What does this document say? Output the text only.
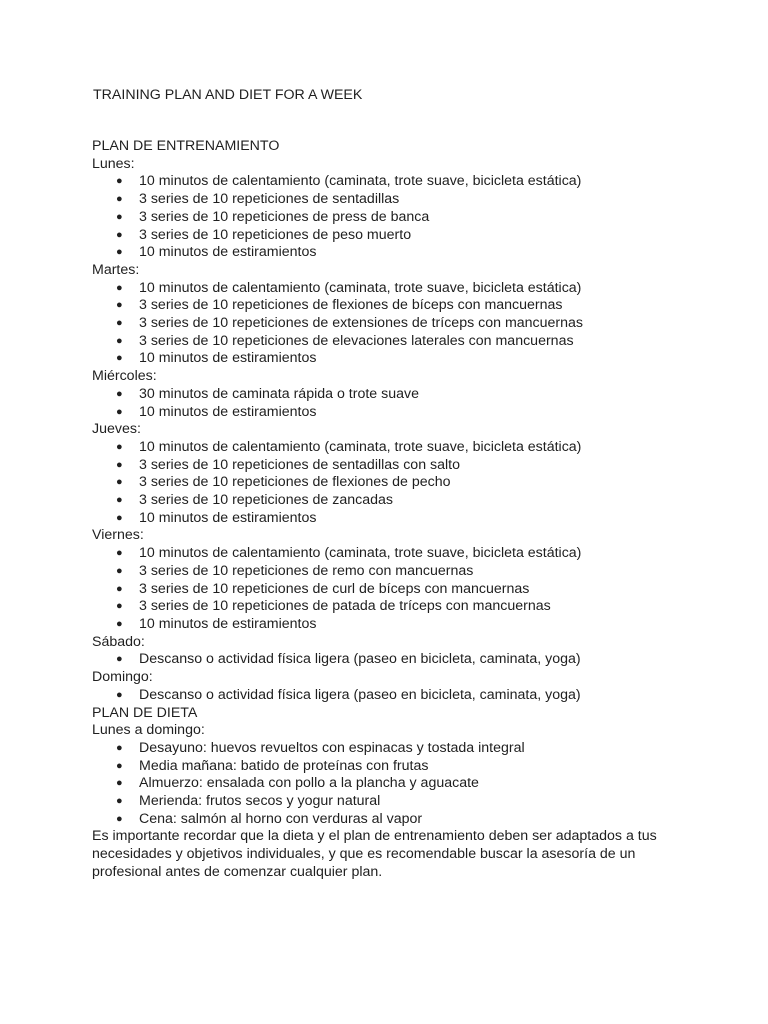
TRAINING PLAN AND DIET FOR A WEEK
PLAN DE ENTRENAMIENTO

Lunes:

● 10 minutos de calentamiento (caminata, trote suave, bicicleta estática)
● 3 series de 10 repeticiones de sentadillas
● 3 series de 10 repeticiones de press de banca
● 3 series de 10 repeticiones de peso muerto
● 10 minutos de estiramientos

Martes:

● 10 minutos de calentamiento (caminata, trote suave, bicicleta estática)
● 3 series de 10 repeticiones de flexiones de bíceps con mancuernas
● 3 series de 10 repeticiones de extensiones de tríceps con mancuernas
● 3 series de 10 repeticiones de elevaciones laterales con mancuernas
● 10 minutos de estiramientos

Miércoles:

● 30 minutos de caminata rápida o trote suave
● 10 minutos de estiramientos

Jueves:

● 10 minutos de calentamiento (caminata, trote suave, bicicleta estática)
● 3 series de 10 repeticiones de sentadillas con salto
● 3 series de 10 repeticiones de flexiones de pecho
● 3 series de 10 repeticiones de zancadas
● 10 minutos de estiramientos

Viernes:

● 10 minutos de calentamiento (caminata, trote suave, bicicleta estática)
● 3 series de 10 repeticiones de remo con mancuernas
● 3 series de 10 repeticiones de curl de bíceps con mancuernas
● 3 series de 10 repeticiones de patada de tríceps con mancuernas
● 10 minutos de estiramientos

Sábado:

● Descanso o actividad física ligera (paseo en bicicleta, caminata, yoga)

Domingo:

● Descanso o actividad física ligera (paseo en bicicleta, caminata, yoga)
PLAN DE DIETA

Lunes a domingo:

● Desayuno: huevos revueltos con espinacas y tostada integral
● Media mañana: batido de proteínas con frutas
● Almuerzo: ensalada con pollo a la plancha y aguacate
● Merienda: frutos secos y yogur natural
● Cena: salmón al horno con verduras al vapor

Es importante recordar que la dieta y el plan de entrenamiento deben ser adaptados a tus necesidades y objetivos individuales, y que es recomendable buscar la asesoría de un profesional antes de comenzar cualquier plan.
